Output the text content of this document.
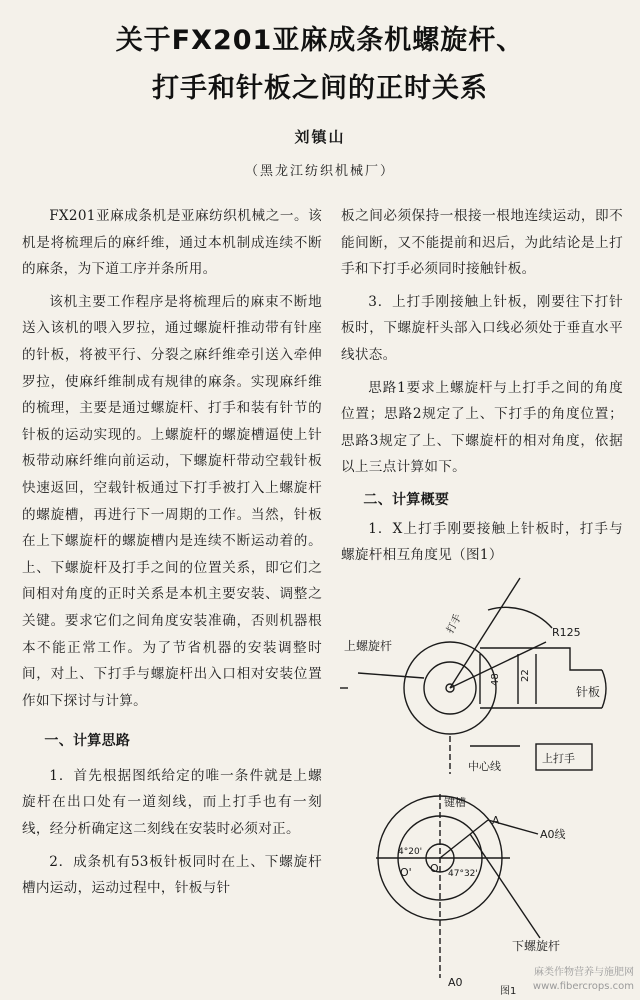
关于FX201亚麻成条机螺旋杆、
打手和针板之间的正时关系
刘镇山
（黑龙江纺织机械厂）

FX201亚麻成条机是亚麻纺织机械之一。该机是将梳理后的麻纤维，通过本机制成连续不断的麻条，为下道工序并条所用。

该机主要工作程序是将梳理后的麻束不断地送入该机的喂入罗拉，通过螺旋杆推动带有针座的针板，将被平行、分裂之麻纤维牵引送入牵伸罗拉，使麻纤维制成有规律的麻条。实现麻纤维的梳理，主要是通过螺旋杆、打手和装有针节的针板的运动实现的。上螺旋杆的螺旋槽逼使上针板带动麻纤维向前运动，下螺旋杆带动空载针板快速返回，空载针板通过下打手被打入上螺旋杆的螺旋槽，再进行下一周期的工作。当然，针板在上下螺旋杆的螺旋槽内是连续不断运动着的。上、下螺旋杆及打手之间的位置关系，即它们之间相对角度的正时关系是本机主要安装、调整之关键。要求它们之间角度安装准确，否则机器根本不能正常工作。为了节省机器的安装调整时间，对上、下打手与螺旋杆出入口相对安装位置作如下探讨与计算。

一、计算思路

1．首先根据图纸给定的唯一条件就是上螺旋杆在出口处有一道刻线，而上打手也有一刻线，经分析确定这二刻线在安装时必须对正。

2．成条机有53板针板同时在上、下螺旋杆槽内运动，运动过程中，针板与针

板之间必须保持一根接一根地连续运动，即不能间断，又不能提前和迟后，为此结论是上打手和下打手必须同时接触针板。

3．上打手刚接触上针板，刚要往下打针板时，下螺旋杆头部入口线必须处于垂直水平线状态。

思路1要求上螺旋杆与上打手之间的角度位置；思路2规定了上、下打手的角度位置；思路3规定了上、下螺旋杆的相对角度，依据以上三点计算如下。

二、计算概要

1．X上打手刚要接触上针板时，打手与螺旋杆相互角度见（图1）

上螺旋杆
打手	R125
针板
48 22
上打手
中心线
键槽
A0线
4°20'
47°32'
A
O
O'
A0
下螺旋杆
图1
麻类作物营养与施肥网
www.fibercrops.com
